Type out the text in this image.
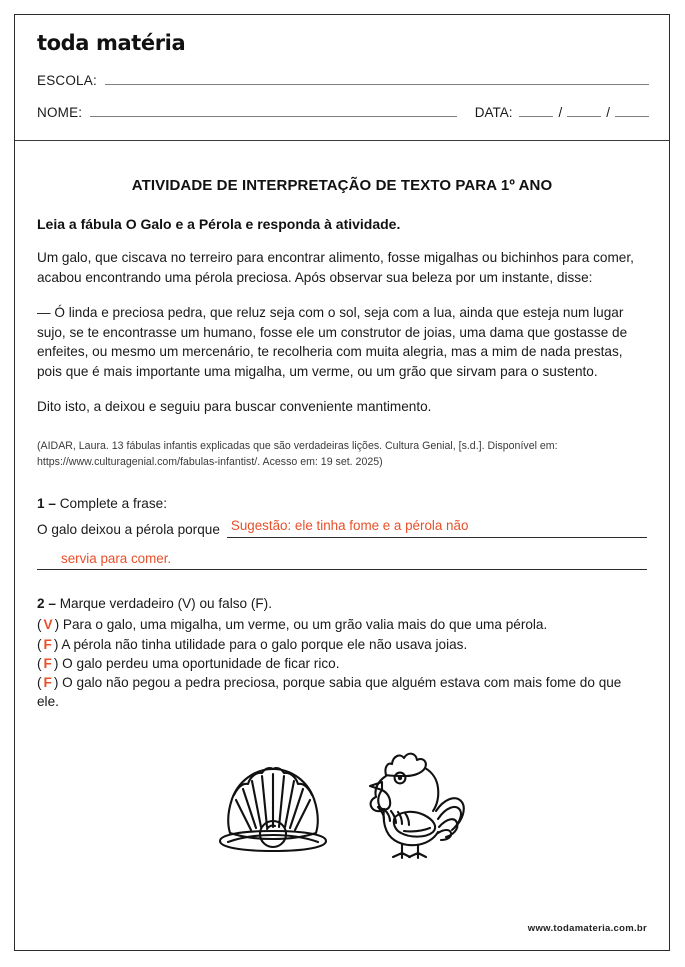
toda matéria
ESCOLA:
NOME:	DATA:	/	/
ATIVIDADE DE INTERPRETAÇÃO DE TEXTO PARA 1º ANO
Leia a fábula O Galo e a Pérola e responda à atividade.

Um galo, que ciscava no terreiro para encontrar alimento, fosse migalhas ou bichinhos para comer, acabou encontrando uma pérola preciosa. Após observar sua beleza por um instante, disse:

— Ó linda e preciosa pedra, que reluz seja com o sol, seja com a lua, ainda que esteja num lugar sujo, se te encontrasse um humano, fosse ele um construtor de joias, uma dama que gostasse de enfeites, ou mesmo um mercenário, te recolheria com muita alegria, mas a mim de nada prestas, pois que é mais importante uma migalha, um verme, ou um grão que sirvam para o sustento.

Dito isto, a deixou e seguiu para buscar conveniente mantimento.

(AIDAR, Laura. 13 fábulas infantis explicadas que são verdadeiras lições. Cultura Genial, [s.d.]. Disponível em: https://www.culturagenial.com/fabulas-infantist/. Acesso em: 19 set. 2025)

1 – Complete a frase:
O galo deixou a pérola porque Sugestão: ele tinha fome e a pérola não
servia para comer.
2 – Marque verdadeiro (V) ou falso (F).
( V ) Para o galo, uma migalha, um verme, ou um grão valia mais do que uma pérola.
( F ) A pérola não tinha utilidade para o galo porque ele não usava joias.
( F ) O galo perdeu uma oportunidade de ficar rico.
( F ) O galo não pegou a pedra preciosa, porque sabia que alguém estava com mais fome do que ele.
www.todamateria.com.br
